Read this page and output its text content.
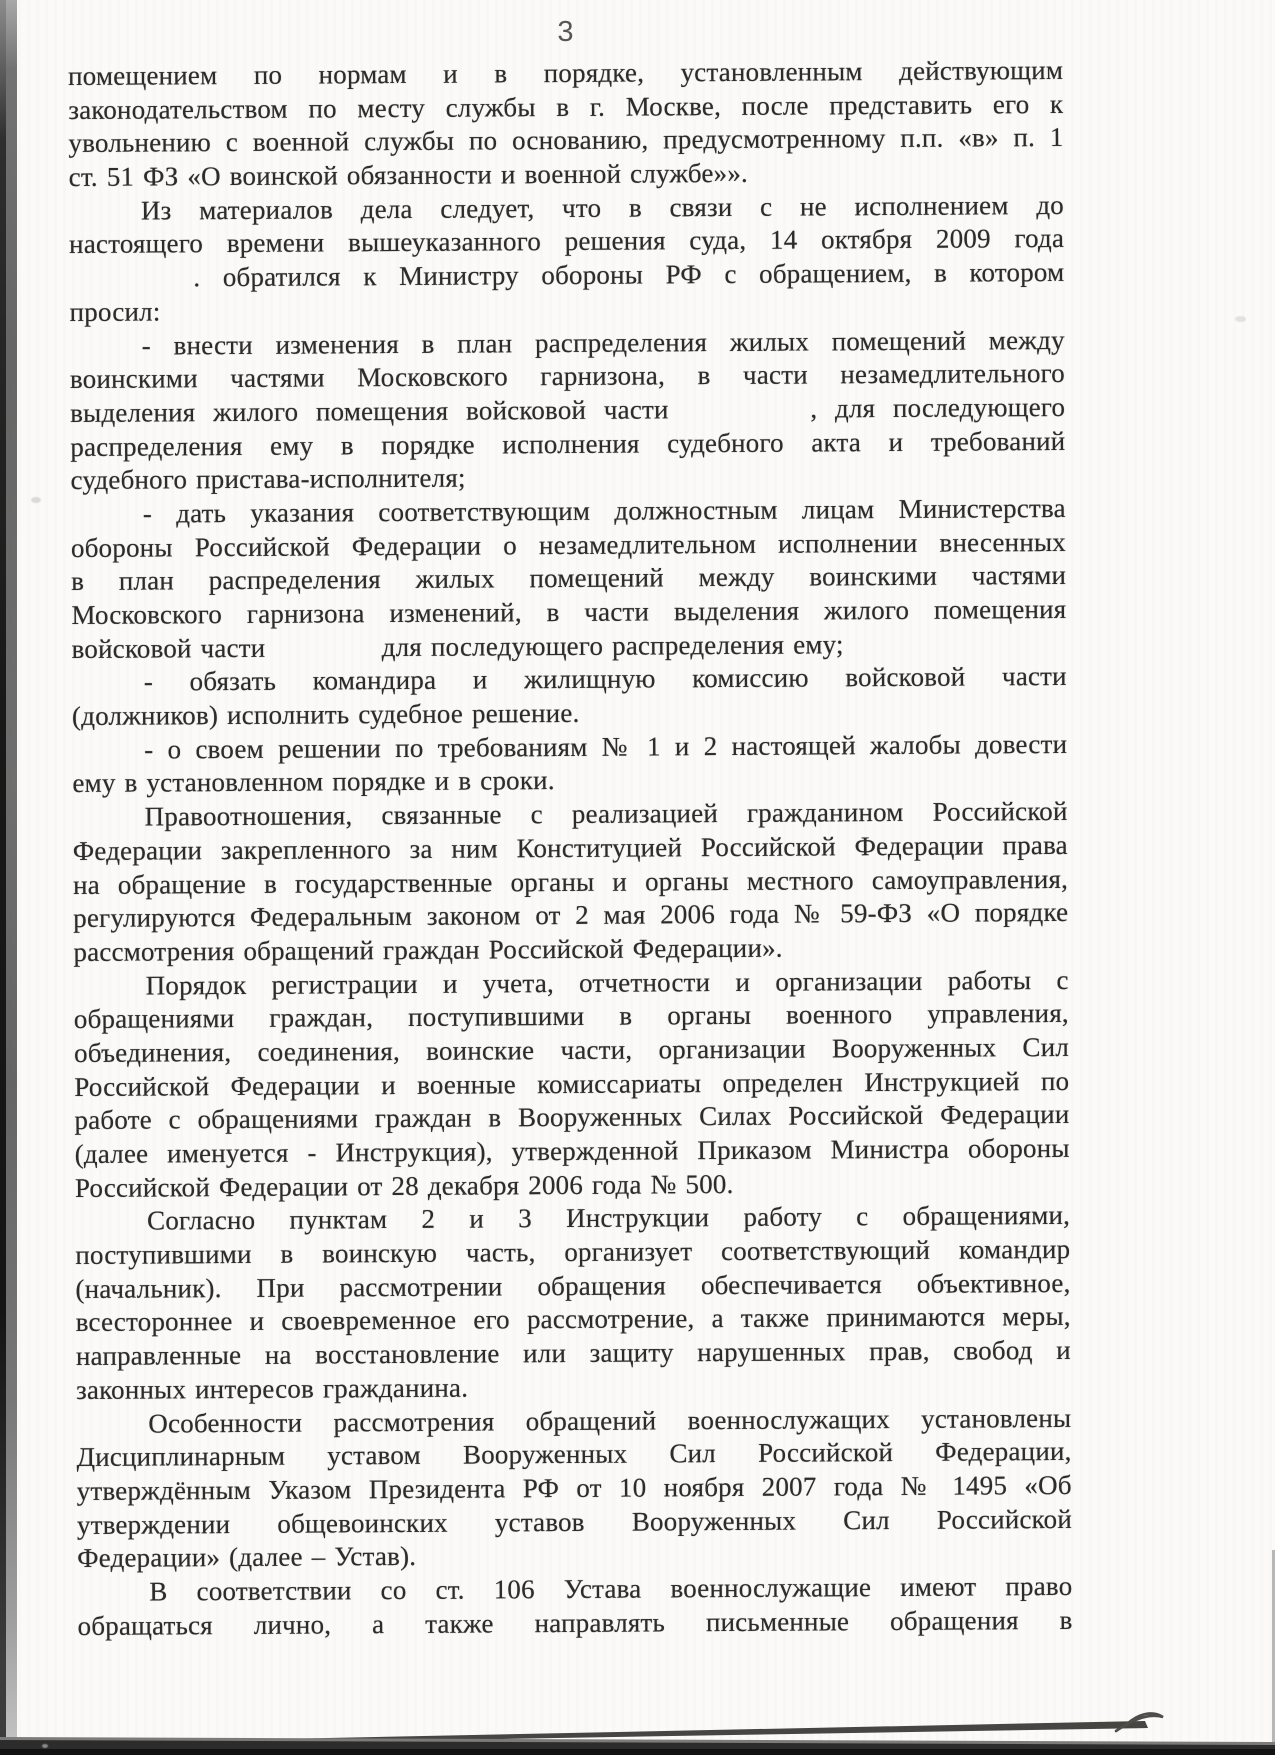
3
помещением по нормам и в порядке, установленным действующим
законодательством по месту службы в г. Москве, после представить его к
увольнению с военной службы по основанию, предусмотренному п.п. «в» п. 1
ст. 51 ФЗ «О воинской обязанности и военной службе»».
Из материалов дела следует, что в связи с не исполнением до
настоящего времени вышеуказанного решения суда, 14 октября 2009 года
. обратился к Министру обороны РФ с обращением, в котором
просил:
- внести изменения в план распределения жилых помещений между
воинскими частями Московского гарнизона, в части незамедлительного
выделения жилого помещения войсковой части        , для последующего
распределения ему в порядке исполнения судебного акта и требований
судебного пристава-исполнителя;
- дать указания соответствующим должностным лицам Министерства
обороны Российской Федерации о незамедлительном исполнении внесенных
в план распределения жилых помещений между воинскими частями
Московского гарнизона изменений, в части выделения жилого помещения
войсковой части             для последующего распределения ему;
- обязать командира и жилищную комиссию войсковой части
(должников) исполнить судебное решение.
- о своем решении по требованиям № 1 и 2 настоящей жалобы довести
ему в установленном порядке и в сроки.
Правоотношения, связанные с реализацией гражданином Российской
Федерации закрепленного за ним Конституцией Российской Федерации права
на обращение в государственные органы и органы местного самоуправления,
регулируются Федеральным законом от 2 мая 2006 года № 59-ФЗ «О порядке
рассмотрения обращений граждан Российской Федерации».
Порядок регистрации и учета, отчетности и организации работы с
обращениями граждан, поступившими в органы военного управления,
объединения, соединения, воинские части, организации Вооруженных Сил
Российской Федерации и военные комиссариаты определен Инструкцией по
работе с обращениями граждан в Вооруженных Силах Российской Федерации
(далее именуется - Инструкция), утвержденной Приказом Министра обороны
Российской Федерации от 28 декабря 2006 года № 500.
Согласно пунктам 2 и 3 Инструкции работу с обращениями,
поступившими в воинскую часть, организует соответствующий командир
(начальник). При рассмотрении обращения обеспечивается объективное,
всестороннее и своевременное его рассмотрение, а также принимаются меры,
направленные на восстановление или защиту нарушенных прав, свобод и
законных интересов гражданина.
Особенности рассмотрения обращений военнослужащих установлены
Дисциплинарным уставом Вооруженных Сил Российской Федерации,
утверждённым Указом Президента РФ от 10 ноября 2007 года № 1495 «Об
утверждении общевоинских уставов Вооруженных Сил Российской
Федерации» (далее – Устав).
В соответствии со ст. 106 Устава военнослужащие имеют право
обращаться лично, а также направлять письменные обращения в
